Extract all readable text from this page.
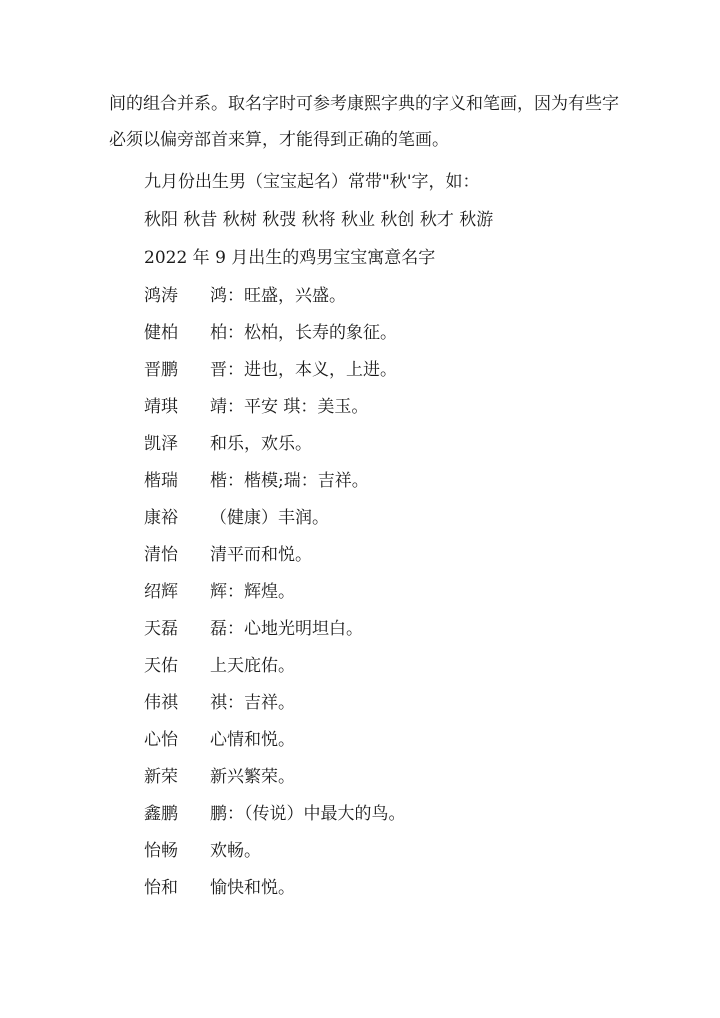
间的组合并系。取名字时可参考康熙字典的字义和笔画，因为有些字

必须以偏旁部首来算，才能得到正确的笔画。

九月份出生男（宝宝起名）常带"秋'字，如：

秋阳 秋昔 秋树 秋弢 秋将 秋业 秋创 秋才 秋游

2022 年 9 月出生的鸡男宝宝寓意名字

鸿涛	鸿：旺盛，兴盛。
健柏	柏：松柏，长寿的象征。
晋鹏	晋：进也，本义，上进。
靖琪	靖：平安 琪：美玉。
凯泽	和乐，欢乐。
楷瑞	楷：楷模;瑞：吉祥。
康裕	（健康）丰润。
清怡	清平而和悦。
绍辉	辉：辉煌。
天磊	磊：心地光明坦白。
天佑	上天庇佑。
伟祺	祺：吉祥。
心怡	心情和悦。
新荣	新兴繁荣。
鑫鹏	鹏：（传说）中最大的鸟。
怡畅	欢畅。
怡和	愉快和悦。
